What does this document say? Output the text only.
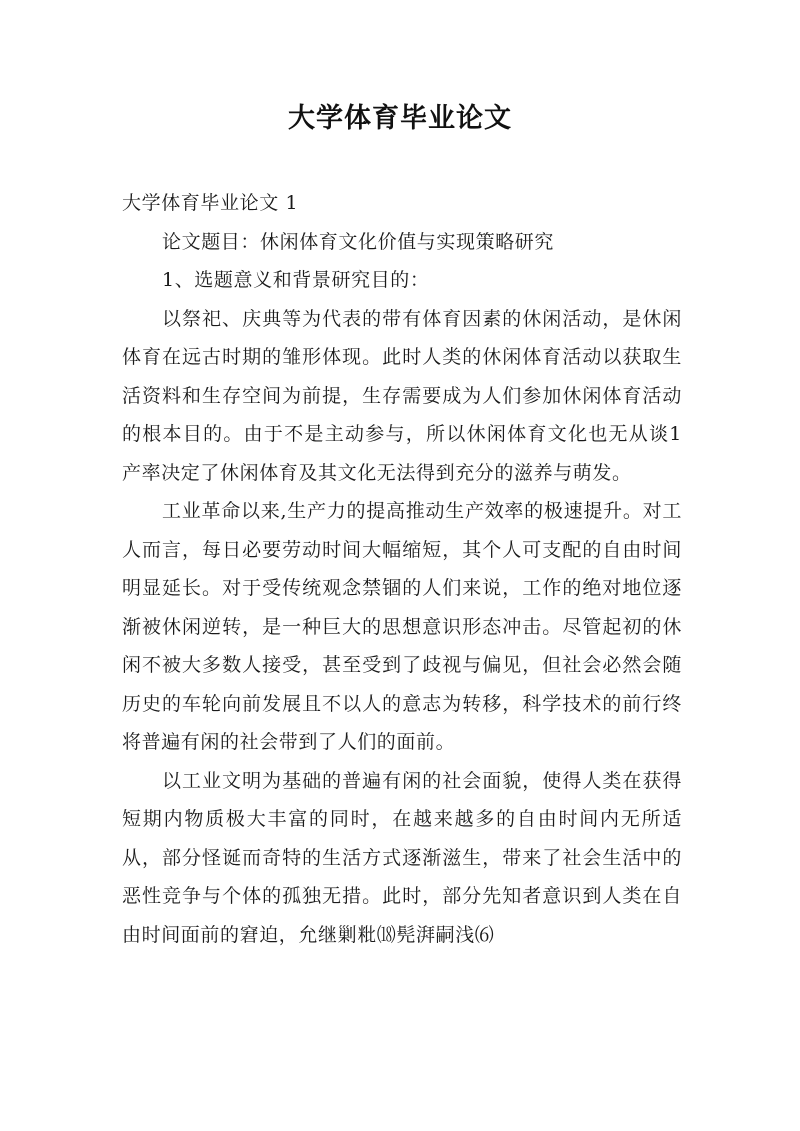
大学体育毕业论文

大学体育毕业论文 1

论文题目：休闲体育文化价值与实现策略研究

1、选题意义和背景研究目的：

以祭祀、庆典等为代表的带有体育因素的休闲活动，是休闲体育在远古时期的雏形体现。此时人类的休闲体育活动以获取生活资料和生存空间为前提，生存需要成为人们参加休闲体育活动的根本目的。由于不是主动参与，所以休闲体育文化也无从谈1产率决定了休闲体育及其文化无法得到充分的滋养与萌发。

工业革命以来,生产力的提高推动生产效率的极速提升。对工人而言，每日必要劳动时间大幅缩短，其个人可支配的自由时间明显延长。对于受传统观念禁锢的人们来说，工作的绝对地位逐渐被休闲逆转，是一种巨大的思想意识形态冲击。尽管起初的休闲不被大多数人接受，甚至受到了歧视与偏见，但社会必然会随历史的车轮向前发展且不以人的意志为转移，科学技术的前行终将普遍有闲的社会带到了人们的面前。

以工业文明为基础的普遍有闲的社会面貌，使得人类在获得短期内物质极大丰富的同时，在越来越多的自由时间内无所适从，部分怪诞而奇特的生活方式逐渐滋生，带来了社会生活中的恶性竞争与个体的孤独无措。此时，部分先知者意识到人类在自由时间面前的窘迫，允继剿粃⒅髡湃嗣浅⑹
